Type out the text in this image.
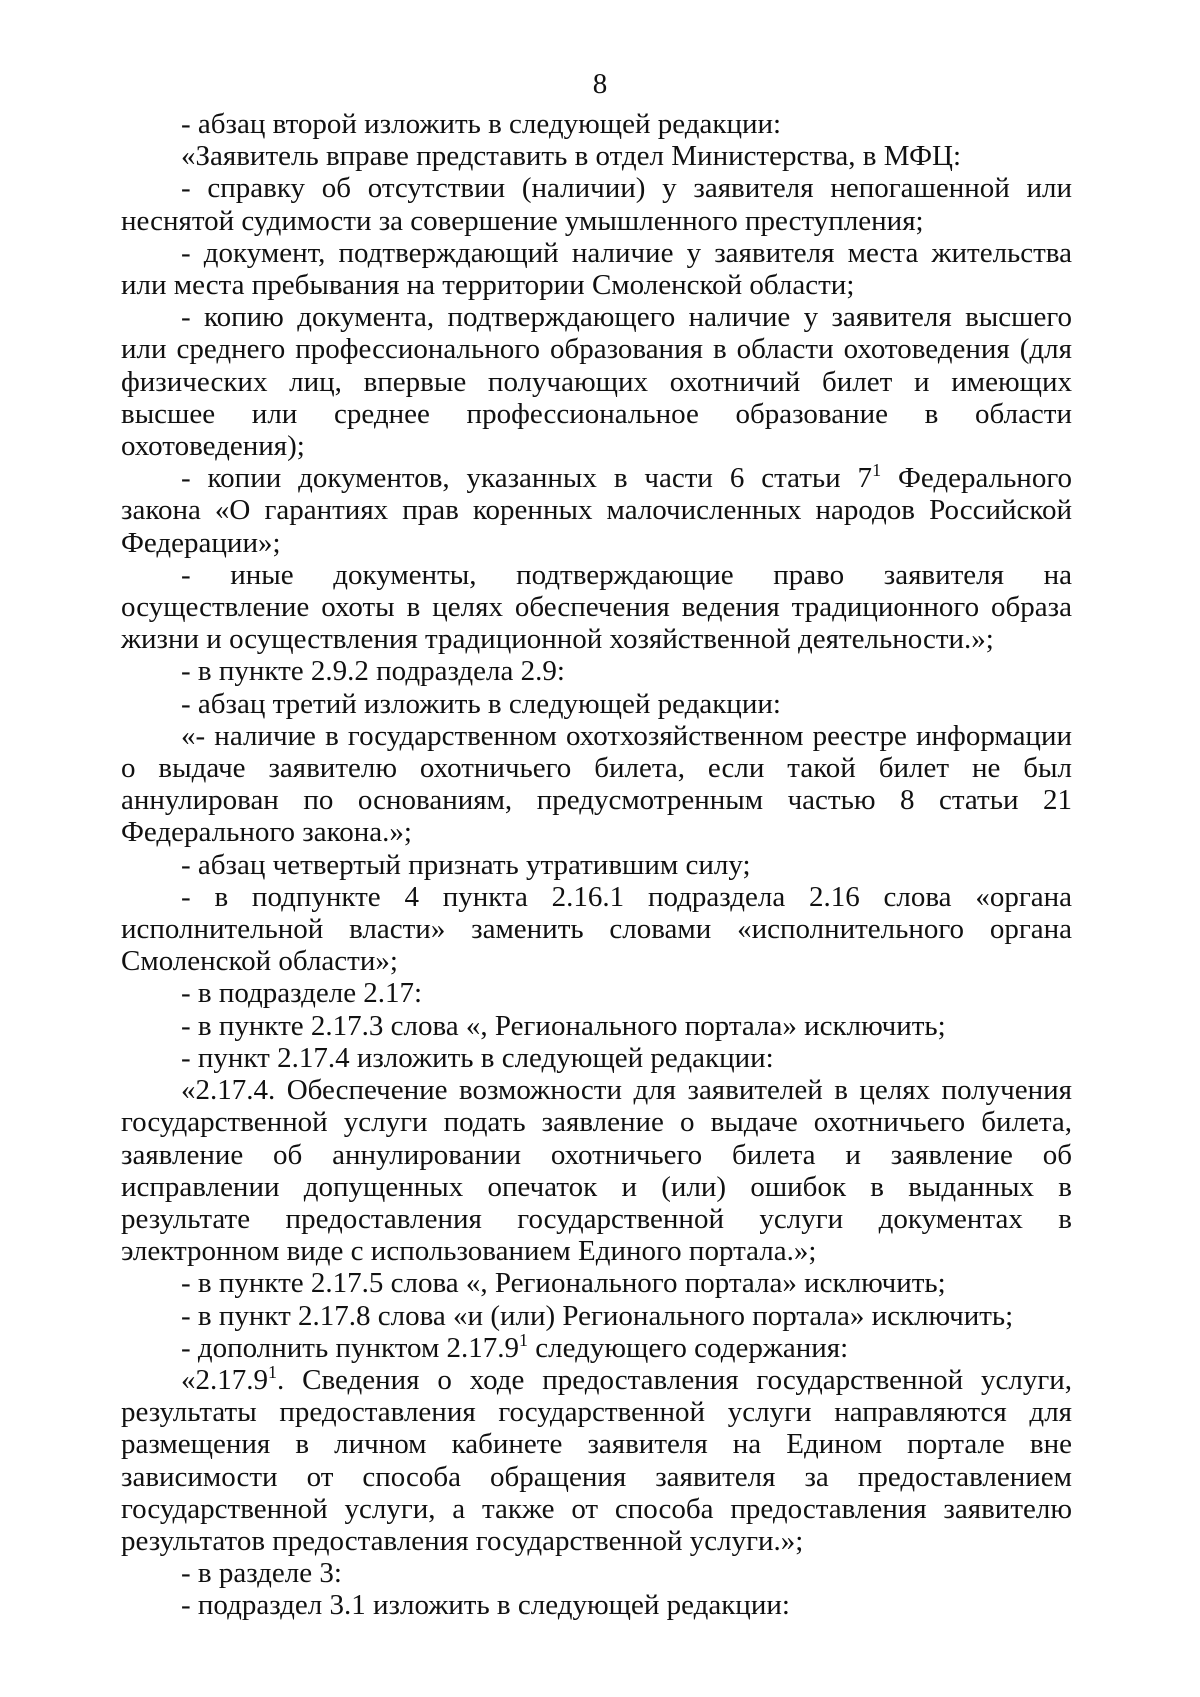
8

- абзац второй изложить в следующей редакции:

«Заявитель вправе представить в отдел Министерства, в МФЦ:

- справку об отсутствии (наличии) у заявителя непогашенной или неснятой судимости за совершение умышленного преступления;

- документ, подтверждающий наличие у заявителя места жительства или места пребывания на территории Смоленской области;

- копию документа, подтверждающего наличие у заявителя высшего или среднего профессионального образования в области охотоведения (для физических лиц, впервые получающих охотничий билет и имеющих высшее или среднее профессиональное образование в области охотоведения);

- копии документов, указанных в части 6 статьи $7^1$ Федерального закона «О гарантиях прав коренных малочисленных народов Российской Федерации»;

- иные документы, подтверждающие право заявителя на осуществление охоты в целях обеспечения ведения традиционного образа жизни и осуществления традиционной хозяйственной деятельности.»;

- в пункте 2.9.2 подраздела 2.9:

- абзац третий изложить в следующей редакции:

«- наличие в государственном охотхозяйственном реестре информации о выдаче заявителю охотничьего билета, если такой билет не был аннулирован по основаниям, предусмотренным частью 8 статьи 21 Федерального закона.»;

- абзац четвертый признать утратившим силу;

- в подпункте 4 пункта 2.16.1 подраздела 2.16 слова «органа исполнительной власти» заменить словами «исполнительного органа Смоленской области»;

- в подразделе 2.17:

- в пункте 2.17.3 слова «, Регионального портала» исключить;

- пункт 2.17.4 изложить в следующей редакции:

«2.17.4. Обеспечение возможности для заявителей в целях получения государственной услуги подать заявление о выдаче охотничьего билета, заявление об аннулировании охотничьего билета и заявление об исправлении допущенных опечаток и (или) ошибок в выданных в результате предоставления государственной услуги документах в электронном виде с использованием Единого портала.»;

- в пункте 2.17.5 слова «, Регионального портала» исключить;

- в пункт 2.17.8 слова «и (или) Регионального портала» исключить;

- дополнить пунктом 2.17.9$^1$ следующего содержания:

«2.17.9$^1$. Сведения о ходе предоставления государственной услуги, результаты предоставления государственной услуги направляются для размещения в личном кабинете заявителя на Едином портале вне зависимости от способа обращения заявителя за предоставлением государственной услуги, а также от способа предоставления заявителю результатов предоставления государственной услуги.»;

- в разделе 3:

- подраздел 3.1 изложить в следующей редакции:
